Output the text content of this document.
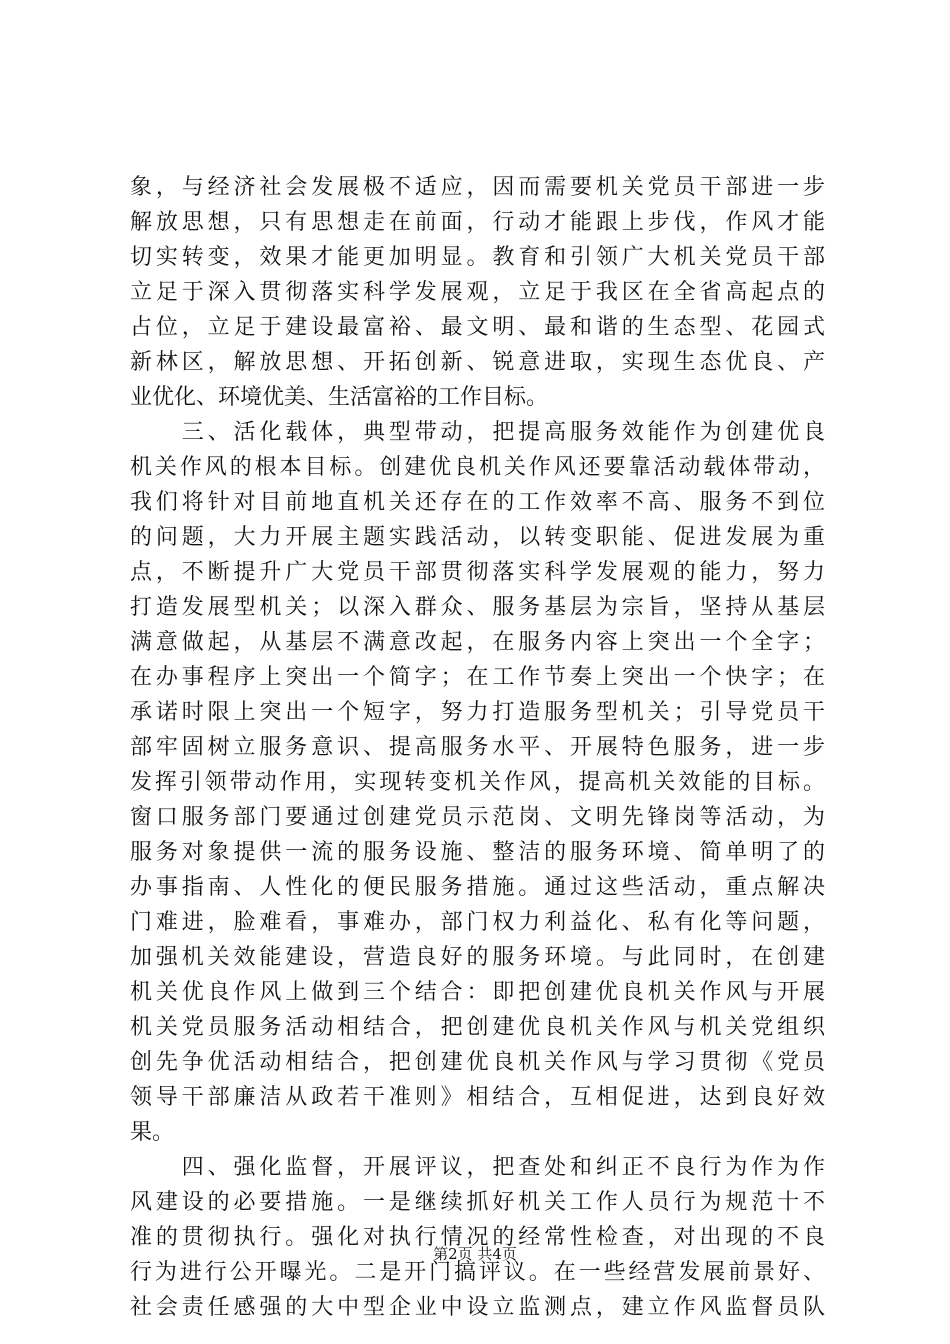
象，与经济社会发展极不适应，因而需要机关党员干部进一步
解放思想，只有思想走在前面，行动才能跟上步伐，作风才能
切实转变，效果才能更加明显。教育和引领广大机关党员干部
立足于深入贯彻落实科学发展观，立足于我区在全省高起点的
占位，立足于建设最富裕、最文明、最和谐的生态型、花园式
新林区，解放思想、开拓创新、锐意进取，实现生态优良、产
业优化、环境优美、生活富裕的工作目标。
　　三、活化载体，典型带动，把提高服务效能作为创建优良
机关作风的根本目标。创建优良机关作风还要靠活动载体带动，
我们将针对目前地直机关还存在的工作效率不高、服务不到位
的问题，大力开展主题实践活动，以转变职能、促进发展为重
点，不断提升广大党员干部贯彻落实科学发展观的能力，努力
打造发展型机关；以深入群众、服务基层为宗旨，坚持从基层
满意做起，从基层不满意改起，在服务内容上突出一个全字；
在办事程序上突出一个简字；在工作节奏上突出一个快字；在
承诺时限上突出一个短字，努力打造服务型机关；引导党员干
部牢固树立服务意识、提高服务水平、开展特色服务，进一步
发挥引领带动作用，实现转变机关作风，提高机关效能的目标。
窗口服务部门要通过创建党员示范岗、文明先锋岗等活动，为
服务对象提供一流的服务设施、整洁的服务环境、简单明了的
办事指南、人性化的便民服务措施。通过这些活动，重点解决
门难进，脸难看，事难办，部门权力利益化、私有化等问题，
加强机关效能建设，营造良好的服务环境。与此同时，在创建
机关优良作风上做到三个结合：即把创建优良机关作风与开展
机关党员服务活动相结合，把创建优良机关作风与机关党组织
创先争优活动相结合，把创建优良机关作风与学习贯彻《党员
领导干部廉洁从政若干准则》相结合，互相促进，达到良好效
果。
　　四、强化监督，开展评议，把查处和纠正不良行为作为作
风建设的必要措施。一是继续抓好机关工作人员行为规范十不
准的贯彻执行。强化对执行情况的经常性检查，对出现的不良
行为进行公开曝光。二是开门搞评议。在一些经营发展前景好、
社会责任感强的大中型企业中设立监测点，建立作风监督员队
第2页 共4页
